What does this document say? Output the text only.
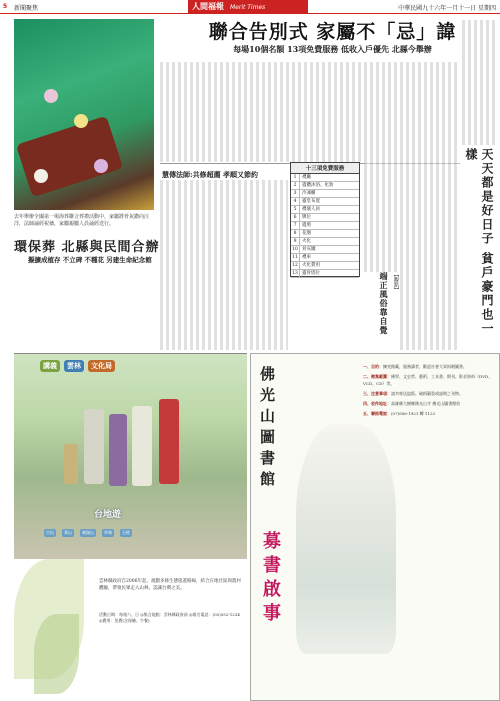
5 新聞聚焦	人間福報 Merit Times	中華民國九十六年一月十一日 星期四
去年舉辦全國第一場海葬聯合葬禮活動中，家屬將骨灰撒向汪洋，法師誦經祝禱，家屬親屬人員誦經送行。
環保葬 北縣與民間合辦
擬擴成植存 不立碑 不種花 另建生命紀念館
聯合告別式 家屬不「忌」諱
每場10個名額 13項免費服務 低收入戶優先 北縣今舉辦
慧傳法師:共修超薦 孝順又節約
十三項免費服務
1	禮廳
2	遺體沐浴、化妝
3	冷凍櫃
4	靈堂布置
5	禮儀人員
6	牌位
7	遺照
8	花圈
9	火化
10 骨灰罐
11 禮車
12 火化費用
13 靈骨塔位	端正風俗靠自覺 【觀點】	天天都是好日子 貧戶豪門也一樣
講義	雲林	文化局
台地遊
古坑	華山	劍湖山	草嶺	石壁
雲林縣政府自2006年起，規劃多條生態旅遊路線，結合在地社區與農村體驗，帶領民眾走入山林，認識台灣之美。
活動日期：每週六、日 ◎集合地點：雲林縣政府前 ◎報名電話：(05)552-1234 ◎費用：免費(含保險、午餐)
佛光山圖書館
募書啟事

一、目的：擴充館藏，服務讀者，歡迎社會大眾捐贈圖書。

二、徵集範圍：佛學、文史哲、藝術、工具書、期刊、影音資料（DVD、VCD、CD）等。

三、注意事項：請勿寄送盜版、破損嚴重或過期之刊物。

四、收件地址：高雄縣大樹鄉佛光山寺 佛光山圖書館收

五、聯絡電話：(07)656-1921 轉 1123
